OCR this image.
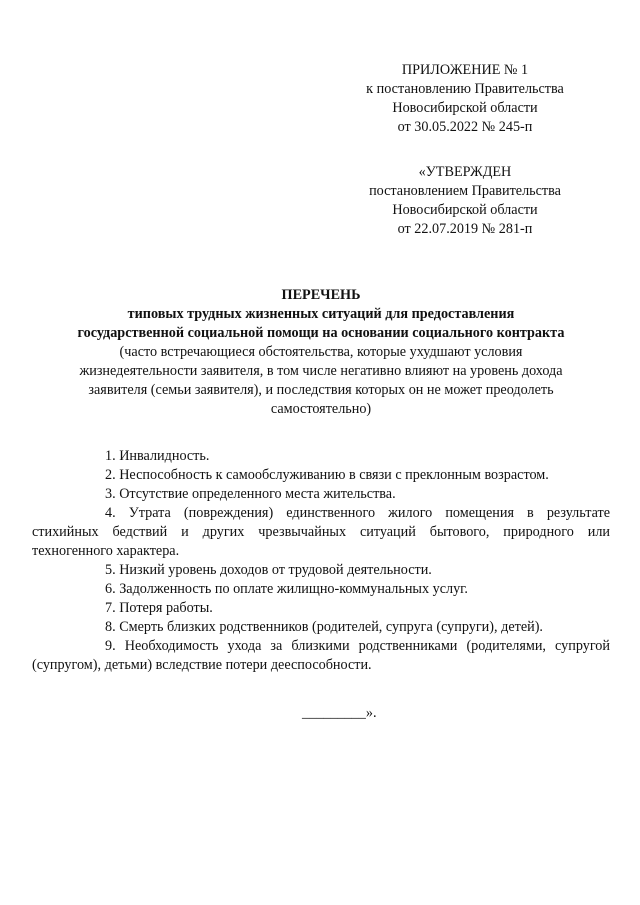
ПРИЛОЖЕНИЕ № 1
к постановлению Правительства
Новосибирской области
от 30.05.2022 № 245-п
«УТВЕРЖДЕН
постановлением Правительства
Новосибирской области
от 22.07.2019 № 281-п
ПЕРЕЧЕНЬ
типовых трудных жизненных ситуаций для предоставления
государственной социальной помощи на основании социального контракта
(часто встречающиеся обстоятельства, которые ухудшают условия
жизнедеятельности заявителя, в том числе негативно влияют на уровень дохода
заявителя (семьи заявителя), и последствия которых он не может преодолеть
самостоятельно)

1. Инвалидность.

2. Неспособность к самообслуживанию в связи с преклонным возрастом.

3. Отсутствие определенного места жительства.

4. Утрата (повреждения) единственного жилого помещения в результате стихийных бедствий и других чрезвычайных ситуаций бытового, природного или техногенного характера.

5. Низкий уровень доходов от трудовой деятельности.

6. Задолженность по оплате жилищно-коммунальных услуг.

7. Потеря работы.

8. Смерть близких родственников (родителей, супруга (супруги), детей).

9. Необходимость ухода за близкими родственниками (родителями, супругой (супругом), детьми) вследствие потери дееспособности.

_________».
